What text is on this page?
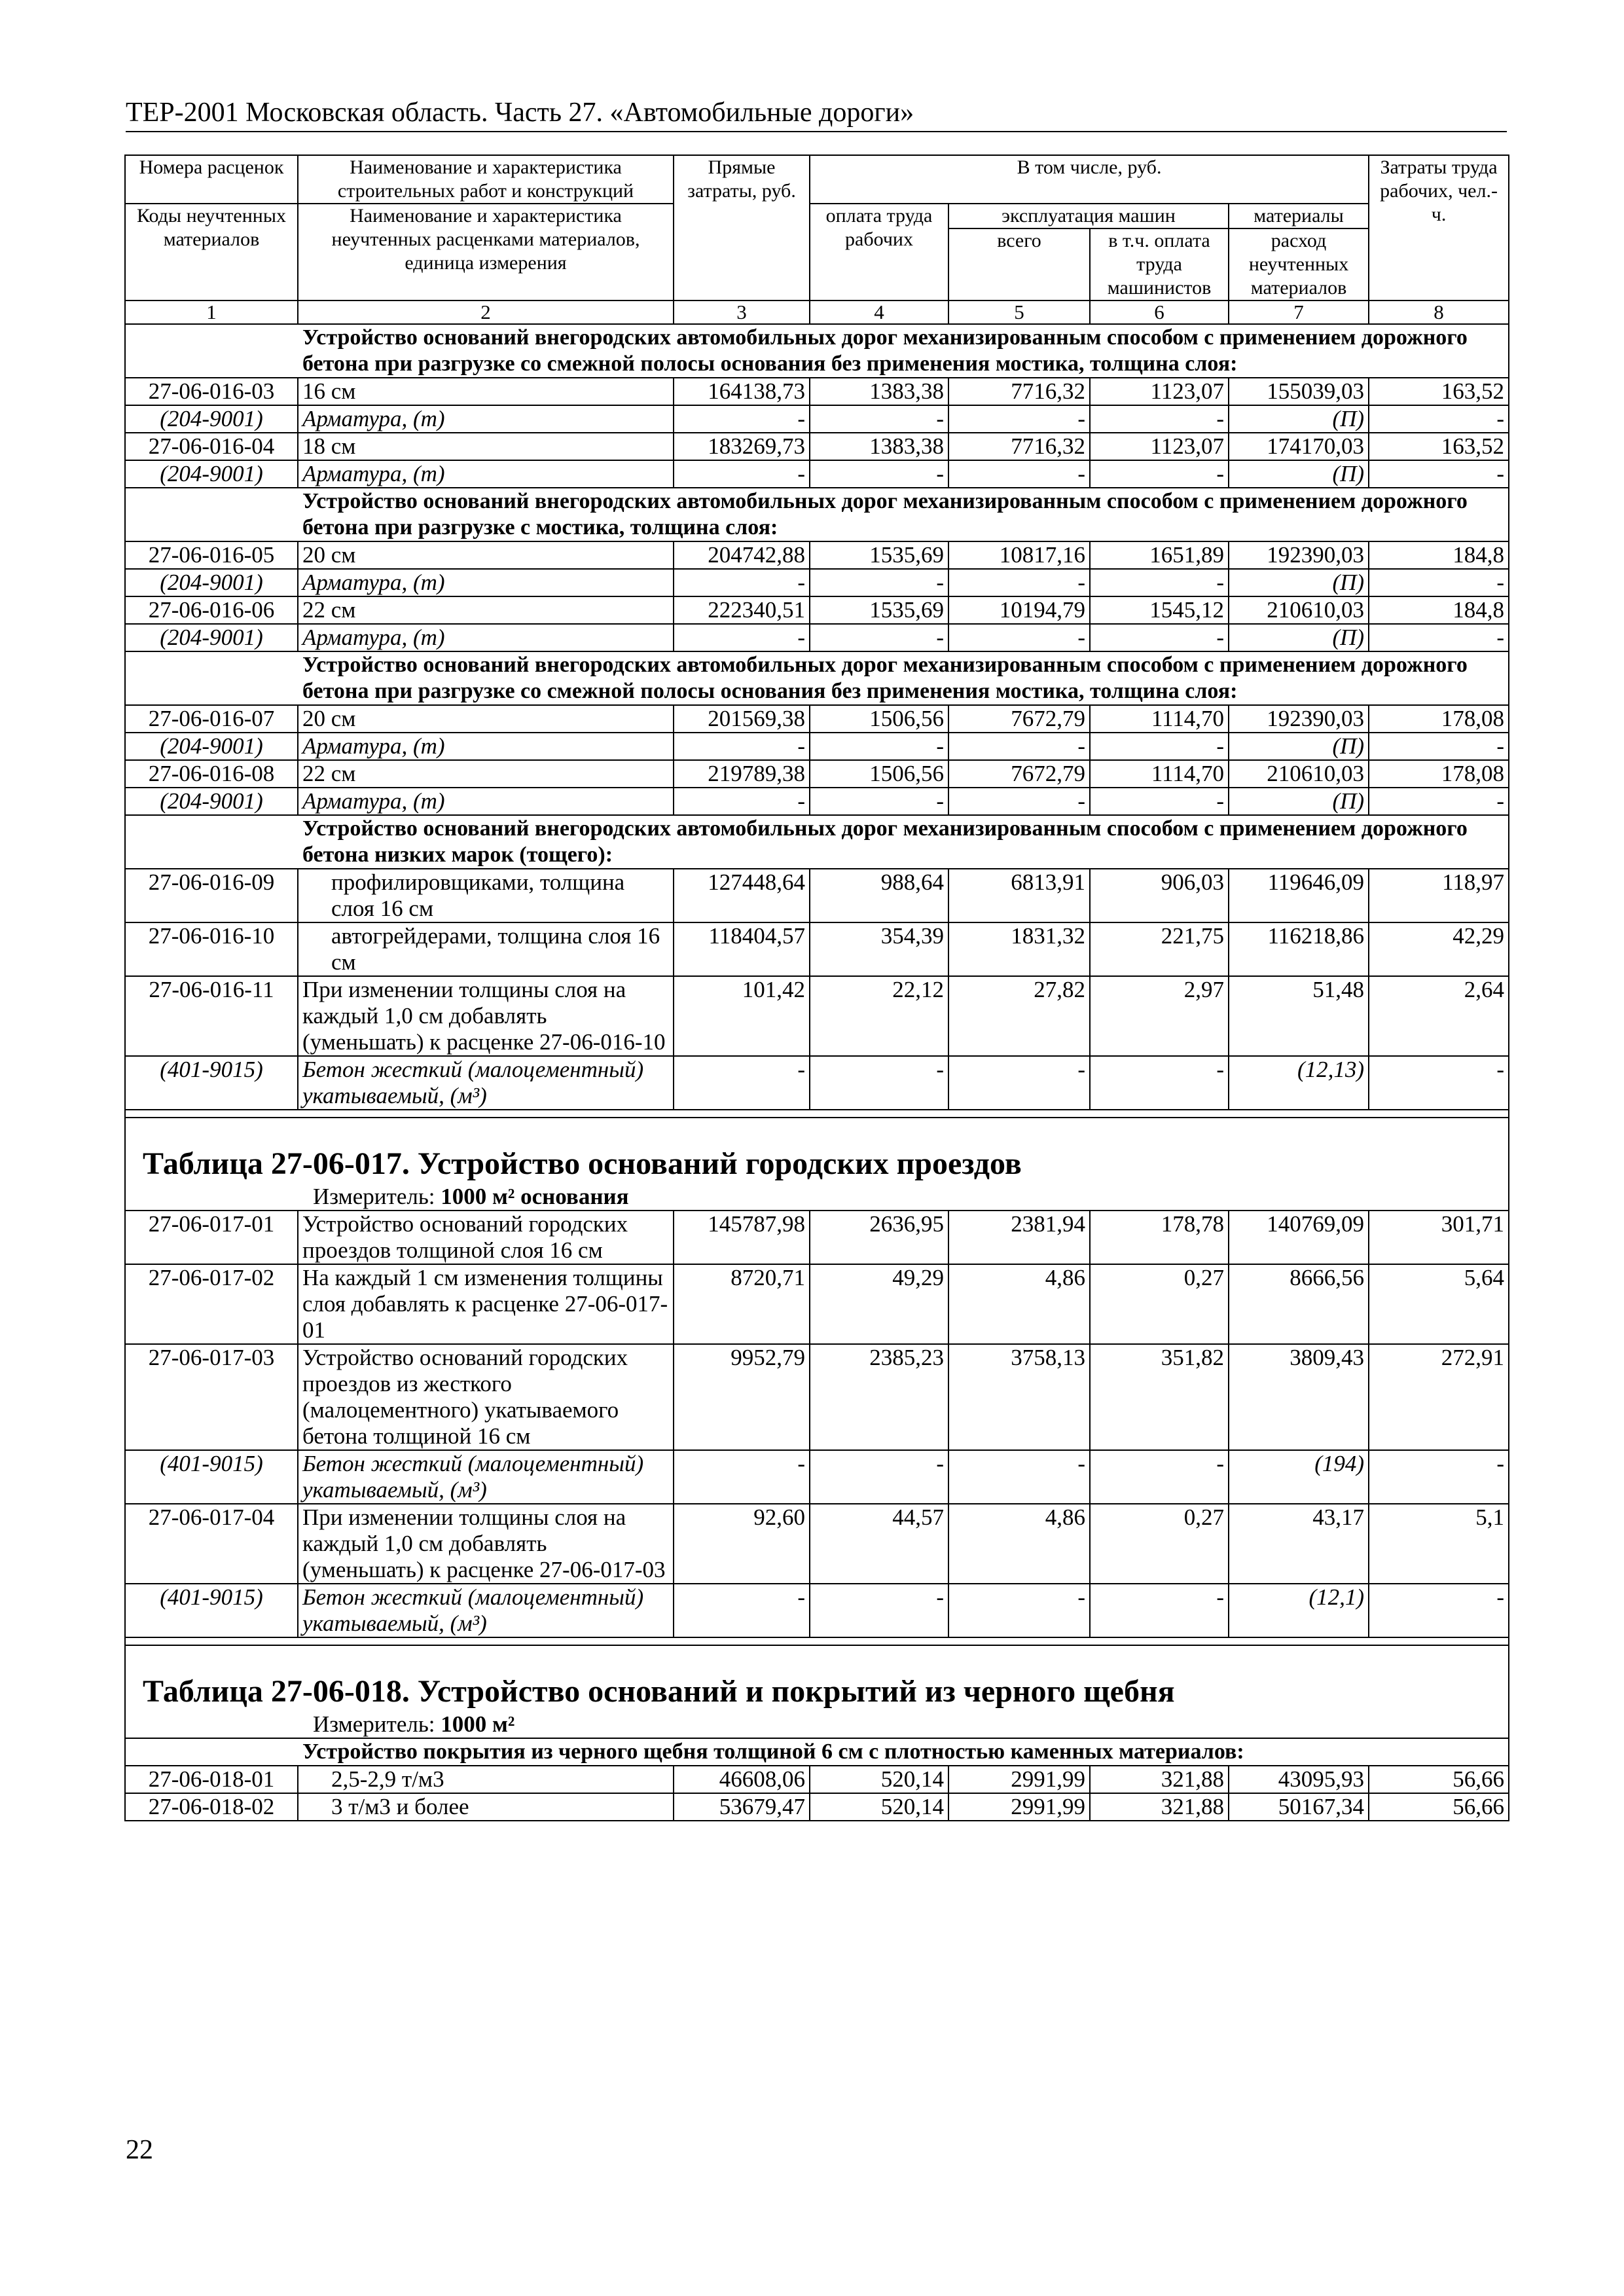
ТЕР-2001 Московская область. Часть 27. «Автомобильные дороги»
Номера расценок	Наименование и характеристика строительных работ и конструкций	Прямые затраты, руб.	В том числе, руб.				Затраты труда рабочих, чел.-ч.
Коды неучтенных материалов	Наименование и характеристика неучтенных расценками материалов, единица измерения		оплата труда рабочих	эксплуатация машин		материалы	
				всего	в т.ч. оплата труда машинистов	расход неучтенных материалов	
1	2	3	4	5	6	7	8
Устройство оснований внегородских автомобильных дорог механизированным способом с применением дорожного бетона при разгрузке со смежной полосы основания без применения мостика, толщина слоя:							
27-06-016-03	16 см	164138,73	1383,38	7716,32	1123,07	155039,03	163,52
(204-9001)	Арматура, (т)	-	-	-	-	(П)	-
27-06-016-04	18 см	183269,73	1383,38	7716,32	1123,07	174170,03	163,52
(204-9001)	Арматура, (т)	-	-	-	-	(П)	-
Устройство оснований внегородских автомобильных дорог механизированным способом с применением дорожного бетона при разгрузке с мостика, толщина слоя:							
27-06-016-05	20 см	204742,88	1535,69	10817,16	1651,89	192390,03	184,8
(204-9001)	Арматура, (т)	-	-	-	-	(П)	-
27-06-016-06	22 см	222340,51	1535,69	10194,79	1545,12	210610,03	184,8
(204-9001)	Арматура, (т)	-	-	-	-	(П)	-
Устройство оснований внегородских автомобильных дорог механизированным способом с применением дорожного бетона при разгрузке со смежной полосы основания без применения мостика, толщина слоя:							
27-06-016-07	20 см	201569,38	1506,56	7672,79	1114,70	192390,03	178,08
(204-9001)	Арматура, (т)	-	-	-	-	(П)	-
27-06-016-08	22 см	219789,38	1506,56	7672,79	1114,70	210610,03	178,08
(204-9001)	Арматура, (т)	-	-	-	-	(П)	-
Устройство оснований внегородских автомобильных дорог механизированным способом с применением дорожного бетона низких марок (тощего):							
27-06-016-09	профилировщиками, толщина слоя 16 см	127448,64	988,64	6813,91	906,03	119646,09	118,97
27-06-016-10	автогрейдерами, толщина слоя 16 см	118404,57	354,39	1831,32	221,75	116218,86	42,29
27-06-016-11	При изменении толщины слоя на каждый 1,0 см добавлять (уменьшать) к расценке 27-06-016-10	101,42	22,12	27,82	2,97	51,48	2,64
(401-9015)	Бетон жесткий (малоцементный) укатываемый, (м³)	-	-	-	-	(12,13)	-

Таблица 27-06-017. Устройство оснований городских проездов
Измеритель: 1000 м² основания							

27-06-017-01	Устройство оснований городских проездов толщиной слоя 16 см	145787,98	2636,95	2381,94	178,78	140769,09	301,71
27-06-017-02	На каждый 1 см изменения толщины слоя добавлять к расценке 27-06-017-01	8720,71	49,29	4,86	0,27	8666,56	5,64
27-06-017-03	Устройство оснований городских проездов из жесткого (малоцементного) укатываемого бетона толщиной 16 см	9952,79	2385,23	3758,13	351,82	3809,43	272,91
(401-9015)	Бетон жесткий (малоцементный) укатываемый, (м³)	-	-	-	-	(194)	-
27-06-017-04	При изменении толщины слоя на каждый 1,0 см добавлять (уменьшать) к расценке 27-06-017-03	92,60	44,57	4,86	0,27	43,17	5,1
(401-9015)	Бетон жесткий (малоцементный) укатываемый, (м³)	-	-	-	-	(12,1)	-

Таблица 27-06-018. Устройство оснований и покрытий из черного щебня
Измеритель: 1000 м²							

Устройство покрытия из черного щебня толщиной 6 см с плотностью каменных материалов:							
27-06-018-01	2,5-2,9 т/м3	46608,06	520,14	2991,99	321,88	43095,93	56,66
27-06-018-02	3 т/м3 и более	53679,47	520,14	2991,99	321,88	50167,34	56,66
22
